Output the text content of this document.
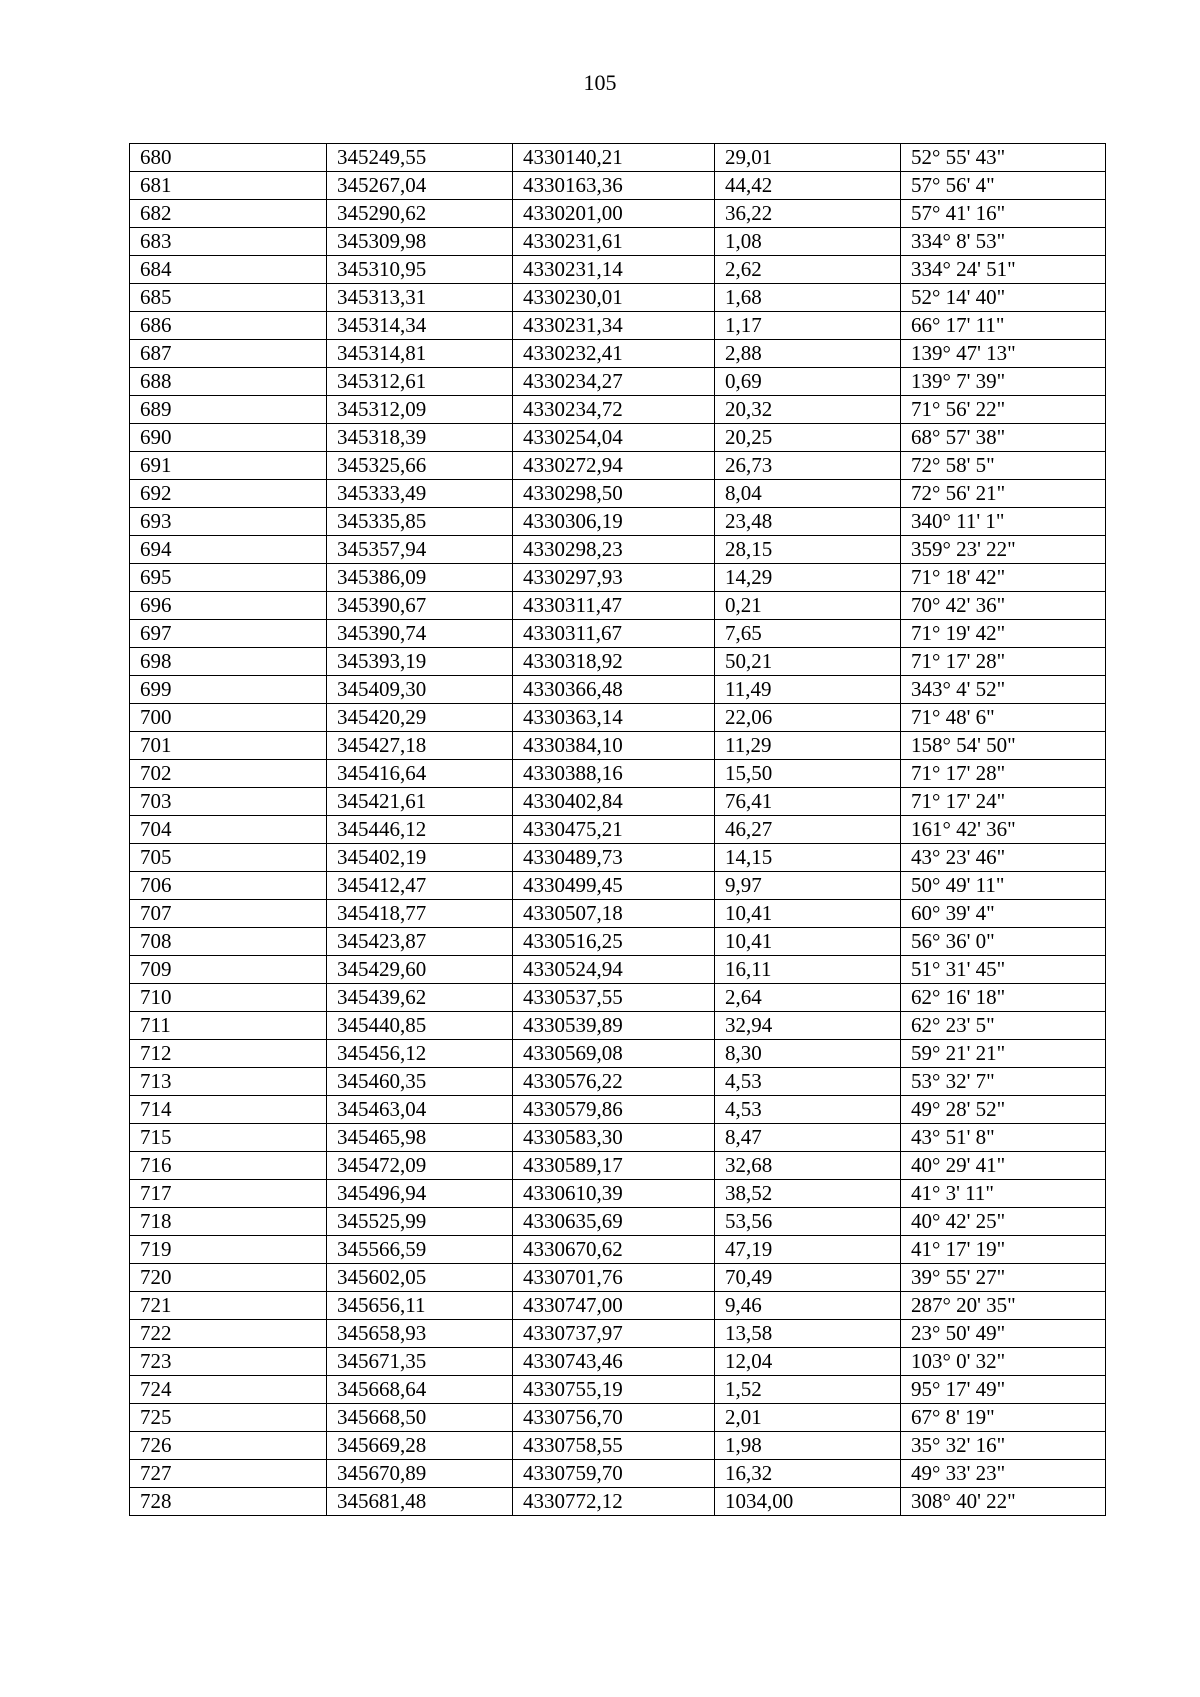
105
680	345249,55	4330140,21	29,01	52° 55' 43"
681	345267,04	4330163,36	44,42	57° 56' 4"
682	345290,62	4330201,00	36,22	57° 41' 16"
683	345309,98	4330231,61	1,08	334° 8' 53"
684	345310,95	4330231,14	2,62	334° 24' 51"
685	345313,31	4330230,01	1,68	52° 14' 40"
686	345314,34	4330231,34	1,17	66° 17' 11"
687	345314,81	4330232,41	2,88	139° 47' 13"
688	345312,61	4330234,27	0,69	139° 7' 39"
689	345312,09	4330234,72	20,32	71° 56' 22"
690	345318,39	4330254,04	20,25	68° 57' 38"
691	345325,66	4330272,94	26,73	72° 58' 5"
692	345333,49	4330298,50	8,04	72° 56' 21"
693	345335,85	4330306,19	23,48	340° 11' 1"
694	345357,94	4330298,23	28,15	359° 23' 22"
695	345386,09	4330297,93	14,29	71° 18' 42"
696	345390,67	4330311,47	0,21	70° 42' 36"
697	345390,74	4330311,67	7,65	71° 19' 42"
698	345393,19	4330318,92	50,21	71° 17' 28"
699	345409,30	4330366,48	11,49	343° 4' 52"
700	345420,29	4330363,14	22,06	71° 48' 6"
701	345427,18	4330384,10	11,29	158° 54' 50"
702	345416,64	4330388,16	15,50	71° 17' 28"
703	345421,61	4330402,84	76,41	71° 17' 24"
704	345446,12	4330475,21	46,27	161° 42' 36"
705	345402,19	4330489,73	14,15	43° 23' 46"
706	345412,47	4330499,45	9,97	50° 49' 11"
707	345418,77	4330507,18	10,41	60° 39' 4"
708	345423,87	4330516,25	10,41	56° 36' 0"
709	345429,60	4330524,94	16,11	51° 31' 45"
710	345439,62	4330537,55	2,64	62° 16' 18"
711	345440,85	4330539,89	32,94	62° 23' 5"
712	345456,12	4330569,08	8,30	59° 21' 21"
713	345460,35	4330576,22	4,53	53° 32' 7"
714	345463,04	4330579,86	4,53	49° 28' 52"
715	345465,98	4330583,30	8,47	43° 51' 8"
716	345472,09	4330589,17	32,68	40° 29' 41"
717	345496,94	4330610,39	38,52	41° 3' 11"
718	345525,99	4330635,69	53,56	40° 42' 25"
719	345566,59	4330670,62	47,19	41° 17' 19"
720	345602,05	4330701,76	70,49	39° 55' 27"
721	345656,11	4330747,00	9,46	287° 20' 35"
722	345658,93	4330737,97	13,58	23° 50' 49"
723	345671,35	4330743,46	12,04	103° 0' 32"
724	345668,64	4330755,19	1,52	95° 17' 49"
725	345668,50	4330756,70	2,01	67° 8' 19"
726	345669,28	4330758,55	1,98	35° 32' 16"
727	345670,89	4330759,70	16,32	49° 33' 23"
728	345681,48	4330772,12	1034,00	308° 40' 22"
